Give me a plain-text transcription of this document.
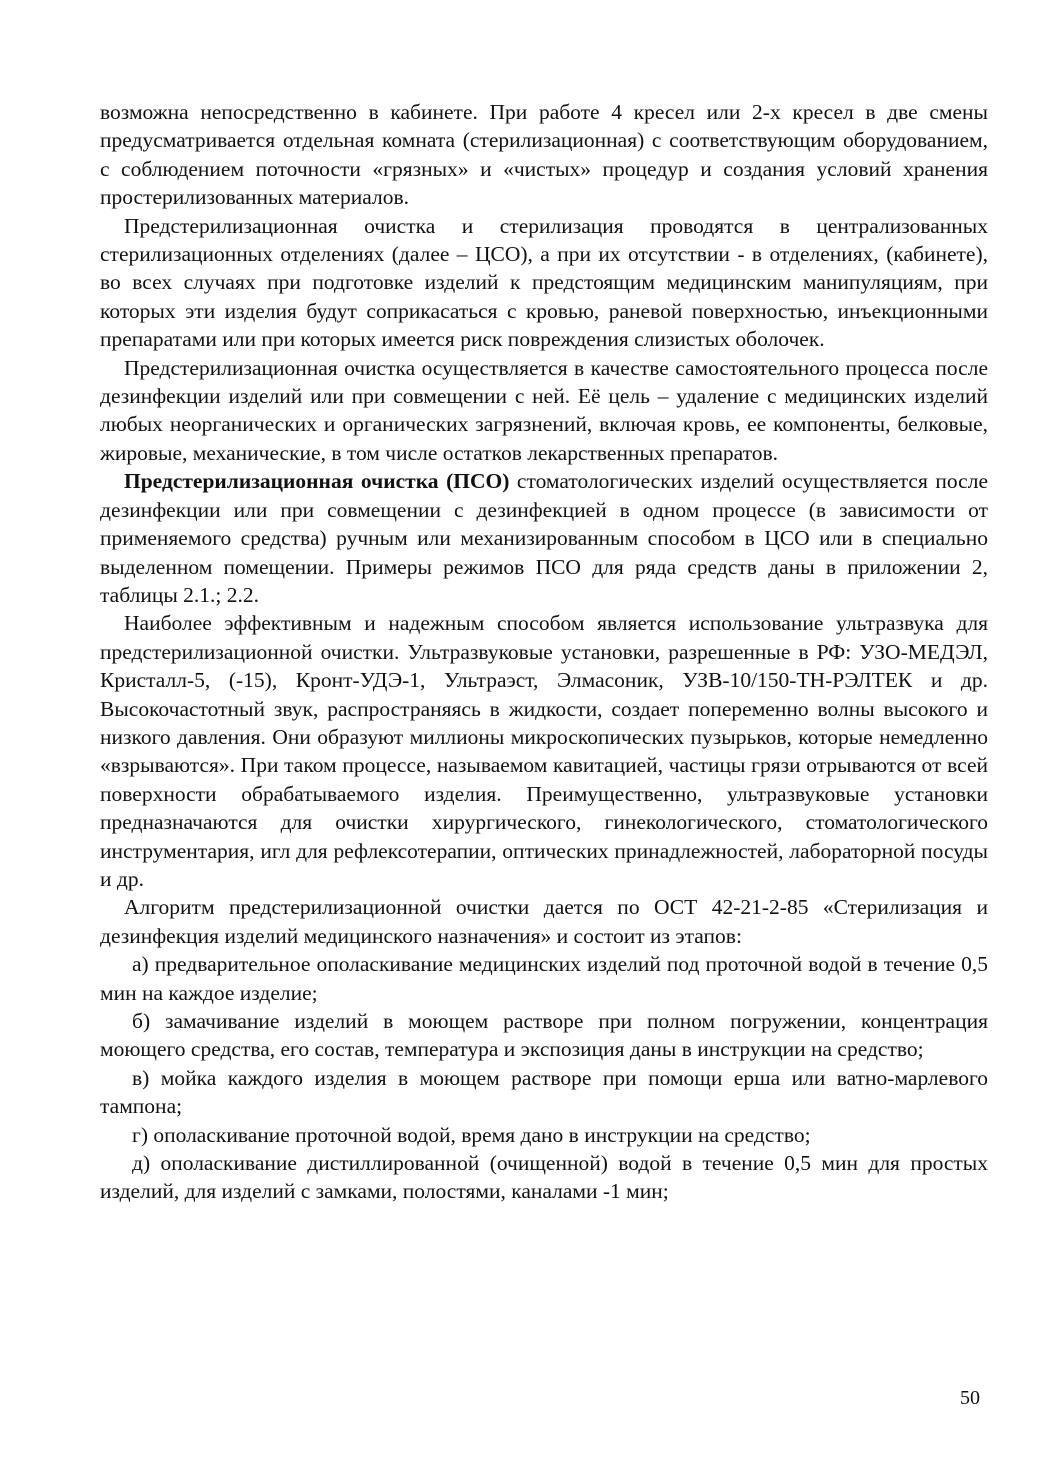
возможна непосредственно в кабинете. При работе 4 кресел или 2-х кресел в две смены предусматривается отдельная комната (стерилизационная) с соответствующим оборудованием, с соблюдением поточности «грязных» и «чистых» процедур и создания условий хранения простерилизованных материалов.

Предстерилизационная очистка и стерилизация проводятся в централизованных стерилизационных отделениях (далее – ЦСО), а при их отсутствии - в отделениях, (кабинете), во всех случаях при подготовке изделий к предстоящим медицинским манипуляциям, при которых эти изделия будут соприкасаться с кровью, раневой поверхностью, инъекционными препаратами или при которых имеется риск повреждения слизистых оболочек.

Предстерилизационная очистка осуществляется в качестве самостоятельного процесса после дезинфекции изделий или при совмещении с ней. Её цель – удаление с медицинских изделий любых неорганических и органических загрязнений, включая кровь, ее компоненты, белковые, жировые, механические, в том числе остатков лекарственных препаратов.

Предстерилизационная очистка (ПСО) стоматологических изделий осуществляется после дезинфекции или при совмещении с дезинфекцией в одном процессе (в зависимости от применяемого средства) ручным или механизированным способом в ЦСО или в специально выделенном помещении. Примеры режимов ПСО для ряда средств даны в приложении 2, таблицы 2.1.; 2.2.

Наиболее эффективным и надежным способом является использование ультразвука для предстерилизационной очистки. Ультразвуковые установки, разрешенные в РФ: УЗО-МЕДЭЛ, Кристалл-5, (-15), Кронт-УДЭ-1, Ультраэст, Элмасоник, УЗВ-10/150-ТН-РЭЛТЕК и др. Высокочастотный звук, распространяясь в жидкости, создает попеременно волны высокого и низкого давления. Они образуют миллионы микроскопических пузырьков, которые немедленно «взрываются». При таком процессе, называемом кавитацией, частицы грязи отрываются от всей поверхности обрабатываемого изделия. Преимущественно, ультразвуковые установки предназначаются для очистки хирургического, гинекологического, стоматологического инструментария, игл для рефлексотерапии, оптических принадлежностей, лабораторной посуды и др.

Алгоритм предстерилизационной очистки дается по ОСТ 42-21-2-85 «Стерилизация и дезинфекция изделий медицинского назначения» и состоит из этапов:

а) предварительное ополаскивание медицинских изделий под проточной водой в течение 0,5 мин на каждое изделие;

б) замачивание изделий в моющем растворе при полном погружении, концентрация моющего средства, его состав, температура и экспозиция даны в инструкции на средство;

в) мойка каждого изделия в моющем растворе при помощи ерша или ватно-марлевого тампона;

г) ополаскивание проточной водой, время дано в инструкции на средство;

д) ополаскивание дистиллированной (очищенной) водой в течение 0,5 мин для простых изделий, для изделий с замками, полостями, каналами -1 мин;

50
